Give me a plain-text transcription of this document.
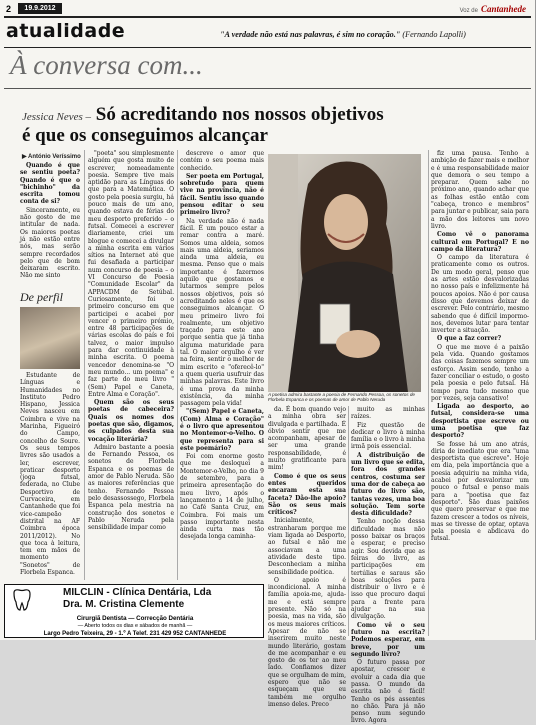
2	19.9.2012	Voz de Cantanhede
atualidade	"A verdade não está nas palavras, é sim no coração." (Fernando Lapolli)
À conversa com...
Jessica Neves – Só acreditando nos nossos objetivos
é que os conseguimos alcançar
▶ António Veríssimo

Quando é que se sentiu poeta? Quando é que o "bichinho" da escrita tomou conta de si?

Sinceramente, eu não gosto de me intitular de nada. Os maiores poetas já não estão entre nós, mas serão sempre recordados pelo que de bom deixaram escrito. Não me sinto

De perfil

Estudante de Línguas e Humanidades no Instituto Pedro Hispano, Jessica Neves nasceu em Coimbra e vive na Marinha, Figueiró do Campo, concelho de Soure. Os seus tempos livres são usados a ler, escrever, praticar desporto (joga futsal, federada, no Clube Desportivo de Curvaceira, em Cantanhede que foi vice-campeão distrital na AF Coimbra época 2011/2012). No que toca à leitura, tem em mãos de momento "Sonetos" de Florbela Espanca.

"poeta" sou simplesmente alguém que gosta muito de escrever, nomeadamente poesia. Sempre tive mais aptidão para as Línguas do que para a Matemática. O gosto pela poesia surgiu, há pouco mais de um ano, quando estava de férias do meu desporto preferido – o futsal. Comecei a escrever diariamente, criei um blogue e comecei a divulgar a minha escrita em vários sítios na Internet até que fui desafiada a participar num concurso de poesia – o VI Concurso de Poesia "Comunidade Escolar" da APPACDM de Setúbal. Curiosamente, foi o primeiro concurso em que participei e acabei por vencer o primeiro prémio, entre 48 participações de várias escolas do país e foi talvez, o maior impulso para dar continuidade à minha escrita. O poema vencedor denomina-se "O meu mundo... um poema" e faz parte do meu livro "(Sem) Papel e Caneta, Entre Alma e Coração".

Quem são os seus poetas de cabeceira? Quais os nomes dos poetas que são, digamos, os culpados desta sua vocação literária?

Admiro bastante a poesia de Fernando Pessoa, os sonetos de Florbela Espanca e os poemas de amor de Pablo Neruda. São as maiores referências que tenho. Fernando Pessoa pelo desassossego, Florbela Espanca pela mestria na construção dos sonetos e Pablo Neruda pela sensibilidade impar como

descreve o amor que contém o seu poema mais conhecido.

Ser poeta em Portugal, sobretudo para quem vive na província, não é fácil. Sentiu isso quando pensou editar o seu primeiro livro?

Na verdade não é nada fácil. É um pouco estar a remar contra a maré. Somos uma aldeia, somos mais uma aldeia, seriamos ainda uma aldeia, eu mesma. Penso que o mais importante é fazermos aquilo que gostamos e lutarmos sempre pelos nossos objetivos, pois só acreditando neles é que os conseguimos alcançar. O meu primeiro livro foi realmente, um objetivo traçado para este ano porque sentia que já tinha alguma maturidade para tal. O maior orgulho é ver na feira, sentir o melhor de mim escrito e "oferecê-lo" a quem queria usufruir das minhas palavras. Este livro é uma prova da minha existência, da minha passagem pela vida!

"(Sem) Papel e Caneta, (Com) Alma e Coração" é o livro que apresentou no Montemor-o-Velho. O que representa para si este poemário?

Foi com enorme gosto que me desloquei a Montemor-o-Velho, no dia 9 de setembro, para a primeira apresentação do meu livro, após o lançamento a 14 de julho, no Café Santa Cruz, em Coimbra. Foi mais um passo importante nesta ainda curta mas tão desejada longa caminha-

A poetisa admira bastante a poesia de Fernando Pessoa, os sonetos de Florbela Espanca e os poemas de amor de Pablo Neruda

da. É bom quando vejo a minha obra ser divulgada e partilhada. É óbvio sentir que me acompanham, apesar de ser uma grande responsabilidade, é muito gratificante para mim!

Como é que os seus entes queridos encaram esta sua faceta? Dão-lhe apoio? São os seus mais críticos?

Inicialmente, estranharam porque me viam ligada ao Desporto, ao futsal e não me associavam a uma atividade deste tipo. Desconheciam a minha sensibilidade poética.

O apoio é incondicional. A minha família apoia-me, ajuda-me e está sempre presente. Não só na poesia, mas na vida, são os meus maiores críticos. Apesar de não se inserirem muito neste mundo literário, gostam de me acompanhar e eu gosto de os ter ao meu lado. Confiamos dizer que se orgulham de mim, espero que não se esqueçam que eu também me orgulho imenso deles. Preco

muito as minhas raízes.

Fiz questão de dedicar o livro à minha família e o livro à minha irmã pois essencial.

A distribuição de um livro que se edita, fora dos grandes centros, costuma ser uma dor de cabeça ao futuro do livro são, tantas vezes, uma boa solução. Tem sorte desta dificuldade?

Tenho noção dessa dificuldade mas não posso baixar os braços e esperar, e preciso agir. Sou devida que as feiras do livro, as participações em tertúlias e saraus são boas soluções para distribuir o livro e é isso que procuro daqui para a frente para ajudar na sua divulgação.

Como vê o seu futuro na escrita? Podemos esperar, em breve, por um segundo livro?

O futuro passa por apostar, crescer e evoluir a cada dia que passa. O mundo da escrita não é fácil! Tenho os pés assentes no chão. Para já não penso num segundo livro. Agora

fiz uma pausa. Tenho a ambição de fazer mais e melhor e é uma responsabilidade maior que demora o seu tempo a preparar. Quem sabe no próximo ano, quando achar que as folhas estão então com "cabeça, tronco e membros" para juntar e publicar, saia para a mão dos leitores um novo livro.

Como vê o panorama cultural em Portugal? E no campo da literatura?

O campo da literatura é praticamente como os outros. De um modo geral, penso que as artes estão desvalorizadas no nosso país e infelizmente há poucos apoios. Não é por causa disso que devemos deixar de escrever. Pelo contrário, mesmo sabendo que é difícil impormo-nos, devemos lutar para tentar inverter a situação.

O que a faz correr?

O que me move é a paixão pela vida. Quando gostamos das coisas fazemos sempre um esforço. Assim sendo, tenho a fazer conciliar o estudo, o gosto pela poesia e pelo futsal. Há tempo para tudo mesmo que por vezes, seja cansativo!

Ligada ao desporto, ao futsal, considera-se uma desportista que escreve ou uma poetisa que faz desporto?

Se fosse há um ano atrás, diria de imediato que era "uma desportista que escreve". Hoje em dia, pela importância que a poesia adquiriu na minha vida, acabei por desvalorizar um pouco o futsal e penso mais para a "poetisa que faz desporto". São duas paixões que quero preservar e que me fazem crescer a todos os níveis, mas se tivesse de optar, optava pela poesia e abdicava do futsal.

MILCLIN - Clínica Dentária, Lda
Dra. M. Cristina Clemente
Cirurgiã Dentista — Correcção Dentária
— Aberto todos os dias e sábados de manhã —
Largo Pedro Teixeira, 29 - 1.º A Telef. 231 429 952 CANTANHEDE
